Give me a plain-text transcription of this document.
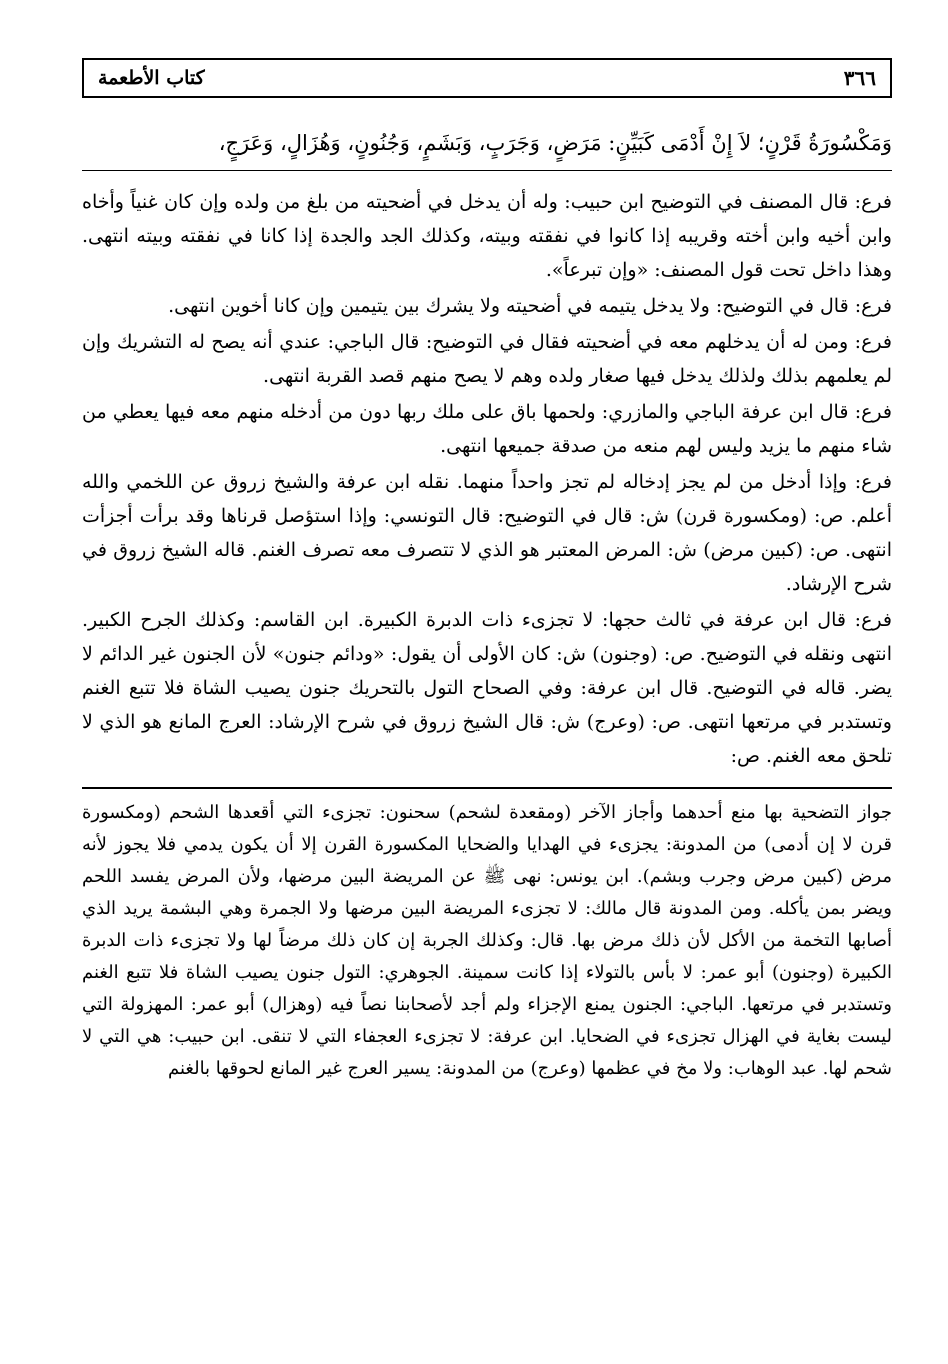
٣٦٦
كتاب الأطعمة
وَمَكْسُورَةُ قَرْنٍ؛ لاَ إِنْ أَدْمَى كَبَيِّنٍ: مَرَضٍ، وَجَرَبٍ، وَبَشَمٍ، وَجُنُونٍ، وَهُزَالٍ، وَعَرَجٍ،

فرع: قال المصنف في التوضيح ابن حبيب: وله أن يدخل في أضحيته من بلغ من ولده وإن كان غنياً وأخاه وابن أخيه وابن أخته وقريبه إذا كانوا في نفقته وبيته، وكذلك الجد والجدة إذا كانا في نفقته وبيته انتهى. وهذا داخل تحت قول المصنف: «وإن تبرعاً».

فرع: قال في التوضيح: ولا يدخل يتيمه في أضحيته ولا يشرك بين يتيمين وإن كانا أخوين انتهى.

فرع: ومن له أن يدخلهم معه في أضحيته فقال في التوضيح: قال الباجي: عندي أنه يصح له التشريك وإن لم يعلمهم بذلك ولذلك يدخل فيها صغار ولده وهم لا يصح منهم قصد القربة انتهى.

فرع: قال ابن عرفة الباجي والمازري: ولحمها باق على ملك ربها دون من أدخله منهم معه فيها يعطي من شاء منهم ما يزيد وليس لهم منعه من صدقة جميعها انتهى.

فرع: وإذا أدخل من لم يجز إدخاله لم تجز واحداً منهما. نقله ابن عرفة والشيخ زروق عن اللخمي والله أعلم. ص: (ومكسورة قرن) ش: قال في التوضيح: قال التونسي: وإذا استؤصل قرناها وقد برأت أجزأت انتهى. ص: (كبين مرض) ش: المرض المعتبر هو الذي لا تتصرف معه تصرف الغنم. قاله الشيخ زروق في شرح الإرشاد.

فرع: قال ابن عرفة في ثالث حجها: لا تجزىء ذات الدبرة الكبيرة. ابن القاسم: وكذلك الجرح الكبير. انتهى ونقله في التوضيح. ص: (وجنون) ش: كان الأولى أن يقول: «ودائم جنون» لأن الجنون غير الدائم لا يضر. قاله في التوضيح. قال ابن عرفة: وفي الصحاح التول بالتحريك جنون يصيب الشاة فلا تتبع الغنم وتستدبر في مرتعها انتهى. ص: (وعرج) ش: قال الشيخ زروق في شرح الإرشاد: العرج المانع هو الذي لا تلحق معه الغنم. ص:

جواز التضحية بها منع أحدهما وأجاز الآخر (ومقعدة لشحم) سحنون: تجزىء التي أقعدها الشحم (ومكسورة قرن لا إن أدمى) من المدونة: يجزىء في الهدايا والضحايا المكسورة القرن إلا أن يكون يدمي فلا يجوز لأنه مرض (كبين مرض وجرب وبشم). ابن يونس: نهى ﷺ عن المريضة البين مرضها، ولأن المرض يفسد اللحم ويضر بمن يأكله. ومن المدونة قال مالك: لا تجزىء المريضة البين مرضها ولا الجمرة وهي البشمة يريد الذي أصابها التخمة من الأكل لأن ذلك مرض بها. قال: وكذلك الجربة إن كان ذلك مرضاً لها ولا تجزىء ذات الدبرة الكبيرة (وجنون) أبو عمر: لا بأس بالتولاء إذا كانت سمينة. الجوهري: التول جنون يصيب الشاة فلا تتبع الغنم وتستدبر في مرتعها. الباجي: الجنون يمنع الإجزاء ولم أجد لأصحابنا نصاً فيه (وهزال) أبو عمر: المهزولة التي ليست بغاية في الهزال تجزىء في الضحايا. ابن عرفة: لا تجزىء العجفاء التي لا تنقى. ابن حبيب: هي التي لا شحم لها. عبد الوهاب: ولا مخ في عظمها (وعرج) من المدونة: يسير العرج غير المانع لحوقها بالغنم
